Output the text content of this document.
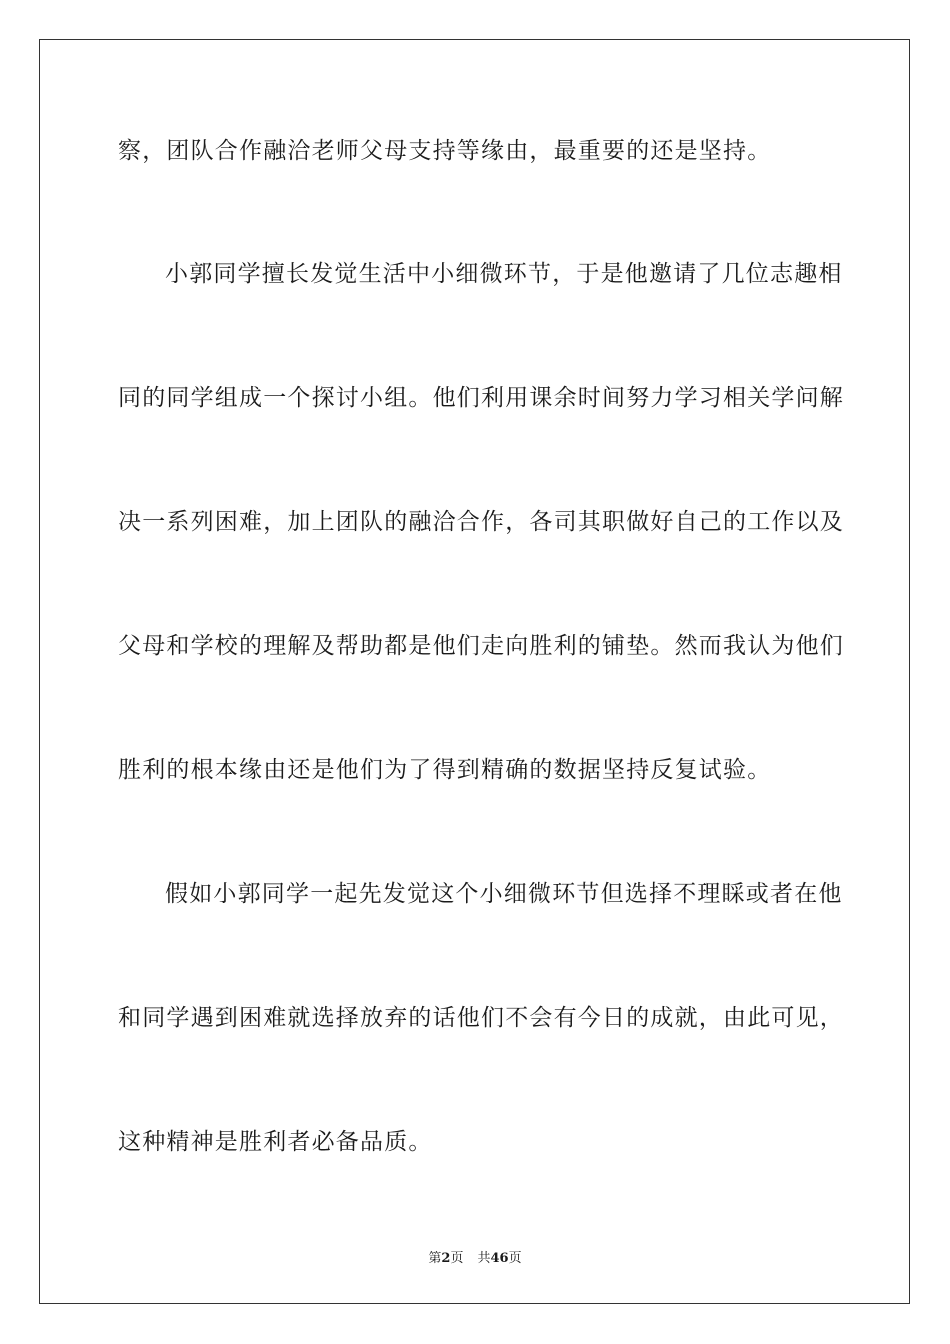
察，团队合作融洽老师父母支持等缘由，最重要的还是坚持。
小郭同学擅长发觉生活中小细微环节，于是他邀请了几位志趣相
同的同学组成一个探讨小组。他们利用课余时间努力学习相关学问解
决一系列困难，加上团队的融洽合作，各司其职做好自己的工作以及
父母和学校的理解及帮助都是他们走向胜利的铺垫。然而我认为他们
胜利的根本缘由还是他们为了得到精确的数据坚持反复试验。
假如小郭同学一起先发觉这个小细微环节但选择不理睬或者在他
和同学遇到困难就选择放弃的话他们不会有今日的成就，由此可见，
这种精神是胜利者必备品质。
第2页 共46页
